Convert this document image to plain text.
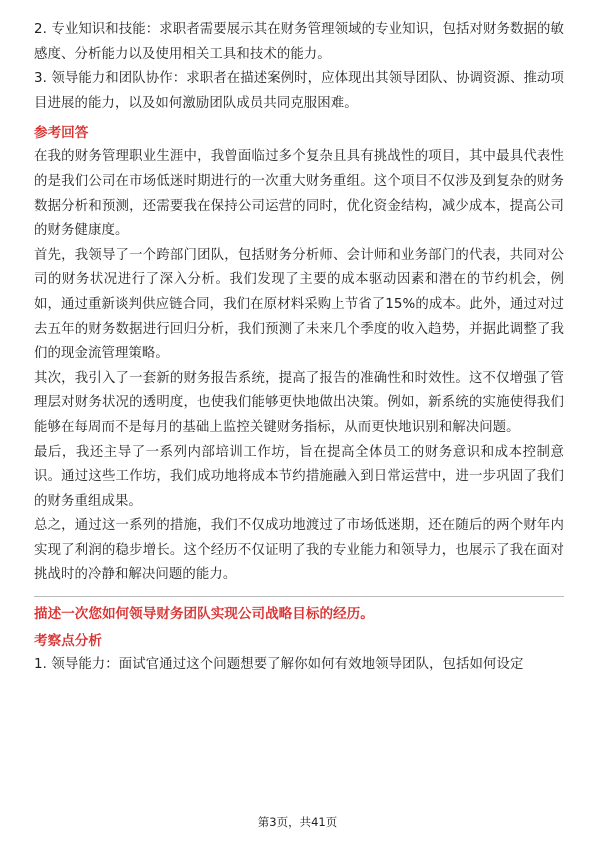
2. 专业知识和技能：求职者需要展示其在财务管理领域的专业知识，包括对财务数据的敏感度、分析能力以及使用相关工具和技术的能力。

3. 领导能力和团队协作：求职者在描述案例时，应体现出其领导团队、协调资源、推动项目进展的能力，以及如何激励团队成员共同克服困难。

参考回答

在我的财务管理职业生涯中，我曾面临过多个复杂且具有挑战性的项目，其中最具代表性的是我们公司在市场低迷时期进行的一次重大财务重组。这个项目不仅涉及到复杂的财务数据分析和预测，还需要我在保持公司运营的同时，优化资金结构，减少成本，提高公司的财务健康度。

首先，我领导了一个跨部门团队，包括财务分析师、会计师和业务部门的代表，共同对公司的财务状况进行了深入分析。我们发现了主要的成本驱动因素和潜在的节约机会，例如，通过重新谈判供应链合同，我们在原材料采购上节省了15%的成本。此外，通过对过去五年的财务数据进行回归分析，我们预测了未来几个季度的收入趋势，并据此调整了我们的现金流管理策略。

其次，我引入了一套新的财务报告系统，提高了报告的准确性和时效性。这不仅增强了管理层对财务状况的透明度，也使我们能够更快地做出决策。例如，新系统的实施使得我们能够在每周而不是每月的基础上监控关键财务指标，从而更快地识别和解决问题。

最后，我还主导了一系列内部培训工作坊，旨在提高全体员工的财务意识和成本控制意识。通过这些工作坊，我们成功地将成本节约措施融入到日常运营中，进一步巩固了我们的财务重组成果。

总之，通过这一系列的措施，我们不仅成功地渡过了市场低迷期，还在随后的两个财年内实现了利润的稳步增长。这个经历不仅证明了我的专业能力和领导力，也展示了我在面对挑战时的冷静和解决问题的能力。

描述一次您如何领导财务团队实现公司战略目标的经历。
考察点分析

1. 领导能力：面试官通过这个问题想要了解你如何有效地领导团队，包括如何设定

第3页，共41页
